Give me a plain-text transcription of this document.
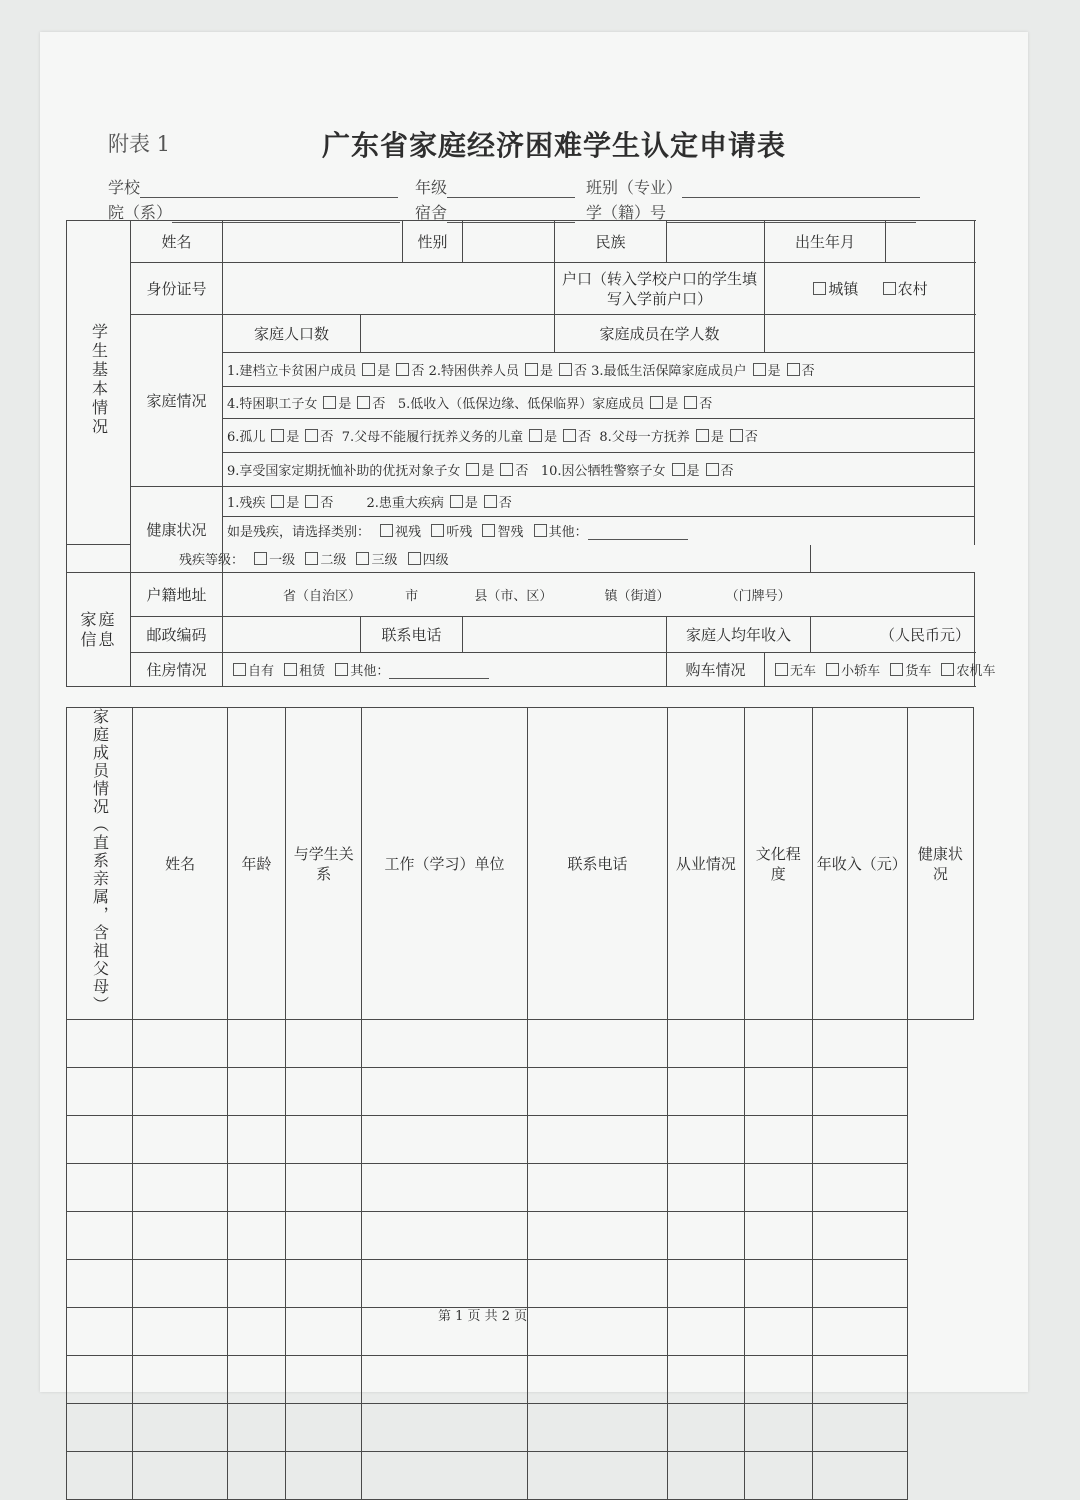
附表 1	广东省家庭经济困难学生认定申请表
学校	年级	班别（专业）
院（系）	宿舍	学（籍）号
学生基本情况	姓名			性别		民族		出生年月		
	身份证号					户口（转入学校户口的学生填写入学前户口）		城镇 农村		
	家庭情况	家庭人口数				家庭成员在学人数				
		1.建档立卡贫困户成员 是 否 2.特困供养人员 是 否 3.最低生活保障家庭成员户 是 否								
		4.特困职工子女 是 否 5.低收入（低保边缘、低保临界）家庭成员 是 否								
		6.孤儿 是 否 7.父母不能履行抚养义务的儿童 是 否 8.父母一方抚养 是 否								
		9.享受国家定期抚恤补助的优抚对象子女 是 否 10.因公牺牲警察子女 是 否								
	健康状况	1.残疾 是 否 2.患重大疾病 是 否								
		如是残疾，请选择类别： 视残 听残 智残 其他：								
残疾等级： 一级 二级 三级 四级										

家庭信息	户籍地址	省（自治区） 市 县（市、区） 镇（街道） （门牌号）								
	邮政编码		联系电话				家庭人均年收入		（人民币元）	
	住房情况	自有 租赁 其他：					购车情况	无车 小轿车 货车 农机车		
家庭成员情况（直系亲属，含祖父母）	姓名	年龄	与学生关系	工作（学习）单位	联系电话	从业情况	文化程度	年收入（元）	健康状况

第 1 页 共 2 页
